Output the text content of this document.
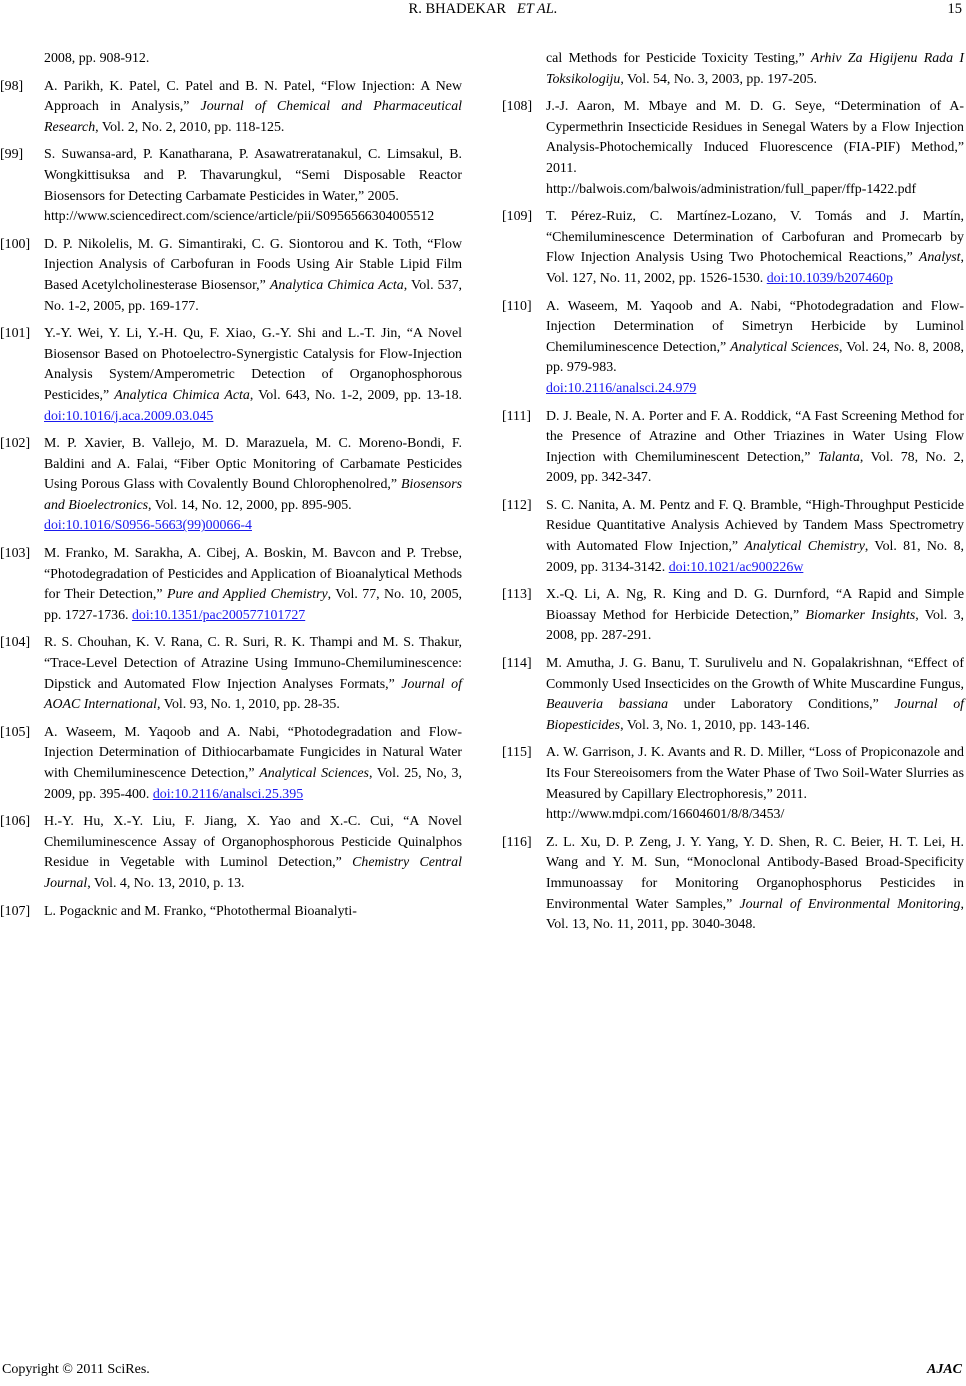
R. BHADEKAR ET AL.	15
2008, pp. 908-912.
[98] A. Parikh, K. Patel, C. Patel and B. N. Patel, “Flow Injection: A New Approach in Analysis,” Journal of Chemical and Pharmaceutical Research, Vol. 2, No. 2, 2010, pp. 118-125.
[99] S. Suwansa-ard, P. Kanatharana, P. Asawatreratanakul, C. Limsakul, B. Wongkittisuksa and P. Thavarungkul, “Semi Disposable Reactor Biosensors for Detecting Carbamate Pesticides in Water,” 2005.
http://www.sciencedirect.com/science/article/pii/S0956566304005512
[100] D. P. Nikolelis, M. G. Simantiraki, C. G. Siontorou and K. Toth, “Flow Injection Analysis of Carbofuran in Foods Using Air Stable Lipid Film Based Acetylcholinesterase Biosensor,” Analytica Chimica Acta, Vol. 537, No. 1-2, 2005, pp. 169-177.
[101] Y.-Y. Wei, Y. Li, Y.-H. Qu, F. Xiao, G.-Y. Shi and L.-T. Jin, “A Novel Biosensor Based on Photoelectro-Synergistic Catalysis for Flow-Injection Analysis System/Amperometric Detection of Organophosphorous Pesticides,” Analytica Chimica Acta, Vol. 643, No. 1-2, 2009, pp. 13-18. doi:10.1016/j.aca.2009.03.045
[102] M. P. Xavier, B. Vallejo, M. D. Marazuela, M. C. Moreno-Bondi, F. Baldini and A. Falai, “Fiber Optic Monitoring of Carbamate Pesticides Using Porous Glass with Covalently Bound Chlorophenolred,” Biosensors and Bioelectronics, Vol. 14, No. 12, 2000, pp. 895-905.
doi:10.1016/S0956-5663(99)00066-4
[103] M. Franko, M. Sarakha, A. Cibej, A. Boskin, M. Bavcon and P. Trebse, “Photodegradation of Pesticides and Application of Bioanalytical Methods for Their Detection,” Pure and Applied Chemistry, Vol. 77, No. 10, 2005, pp. 1727-1736. doi:10.1351/pac200577101727
[104] R. S. Chouhan, K. V. Rana, C. R. Suri, R. K. Thampi and M. S. Thakur, “Trace-Level Detection of Atrazine Using Immuno-Chemiluminescence: Dipstick and Automated Flow Injection Analyses Formats,” Journal of AOAC International, Vol. 93, No. 1, 2010, pp. 28-35.
[105] A. Waseem, M. Yaqoob and A. Nabi, “Photodegradation and Flow-Injection Determination of Dithiocarbamate Fungicides in Natural Water with Chemiluminescence Detection,” Analytical Sciences, Vol. 25, No, 3, 2009, pp. 395-400. doi:10.2116/analsci.25.395
[106] H.-Y. Hu, X.-Y. Liu, F. Jiang, X. Yao and X.-C. Cui, “A Novel Chemiluminescence Assay of Organophosphorous Pesticide Quinalphos Residue in Vegetable with Luminol Detection,” Chemistry Central Journal, Vol. 4, No. 13, 2010, p. 13.
[107] L. Pogacknic and M. Franko, “Photothermal Bioanalyti-
cal Methods for Pesticide Toxicity Testing,” Arhiv Za Higijenu Rada I Toksikologiju, Vol. 54, No. 3, 2003, pp. 197-205.
[108] J.-J. Aaron, M. Mbaye and M. D. G. Seye, “Determination of A-Cypermethrin Insecticide Residues in Senegal Waters by a Flow Injection Analysis-Photochemically Induced Fluorescence (FIA-PIF) Method,” 2011.
http://balwois.com/balwois/administration/full_paper/ffp-1422.pdf
[109] T. Pérez-Ruiz, C. Martínez-Lozano, V. Tomás and J. Martín, “Chemiluminescence Determination of Carbofuran and Promecarb by Flow Injection Analysis Using Two Photochemical Reactions,” Analyst, Vol. 127, No. 11, 2002, pp. 1526-1530. doi:10.1039/b207460p
[110] A. Waseem, M. Yaqoob and A. Nabi, “Photodegradation and Flow-Injection Determination of Simetryn Herbicide by Luminol Chemiluminescence Detection,” Analytical Sciences, Vol. 24, No. 8, 2008, pp. 979-983.
doi:10.2116/analsci.24.979
[111] D. J. Beale, N. A. Porter and F. A. Roddick, “A Fast Screening Method for the Presence of Atrazine and Other Triazines in Water Using Flow Injection with Chemiluminescent Detection,” Talanta, Vol. 78, No. 2, 2009, pp. 342-347.
[112] S. C. Nanita, A. M. Pentz and F. Q. Bramble, “High-Throughput Pesticide Residue Quantitative Analysis Achieved by Tandem Mass Spectrometry with Automated Flow Injection,” Analytical Chemistry, Vol. 81, No. 8, 2009, pp. 3134-3142. doi:10.1021/ac900226w
[113] X.-Q. Li, A. Ng, R. King and D. G. Durnford, “A Rapid and Simple Bioassay Method for Herbicide Detection,” Biomarker Insights, Vol. 3, 2008, pp. 287-291.
[114] M. Amutha, J. G. Banu, T. Surulivelu and N. Gopalakrishnan, “Effect of Commonly Used Insecticides on the Growth of White Muscardine Fungus, Beauveria bassiana under Laboratory Conditions,” Journal of Biopesticides, Vol. 3, No. 1, 2010, pp. 143-146.
[115] A. W. Garrison, J. K. Avants and R. D. Miller, “Loss of Propiconazole and Its Four Stereoisomers from the Water Phase of Two Soil-Water Slurries as Measured by Capillary Electrophoresis,” 2011.
http://www.mdpi.com/16604601/8/8/3453/
[116] Z. L. Xu, D. P. Zeng, J. Y. Yang, Y. D. Shen, R. C. Beier, H. T. Lei, H. Wang and Y. M. Sun, “Monoclonal Antibody-Based Broad-Specificity Immunoassay for Monitoring Organophosphorus Pesticides in Environmental Water Samples,” Journal of Environmental Monitoring, Vol. 13, No. 11, 2011, pp. 3040-3048.
Copyright © 2011 SciRes.	AJAC
